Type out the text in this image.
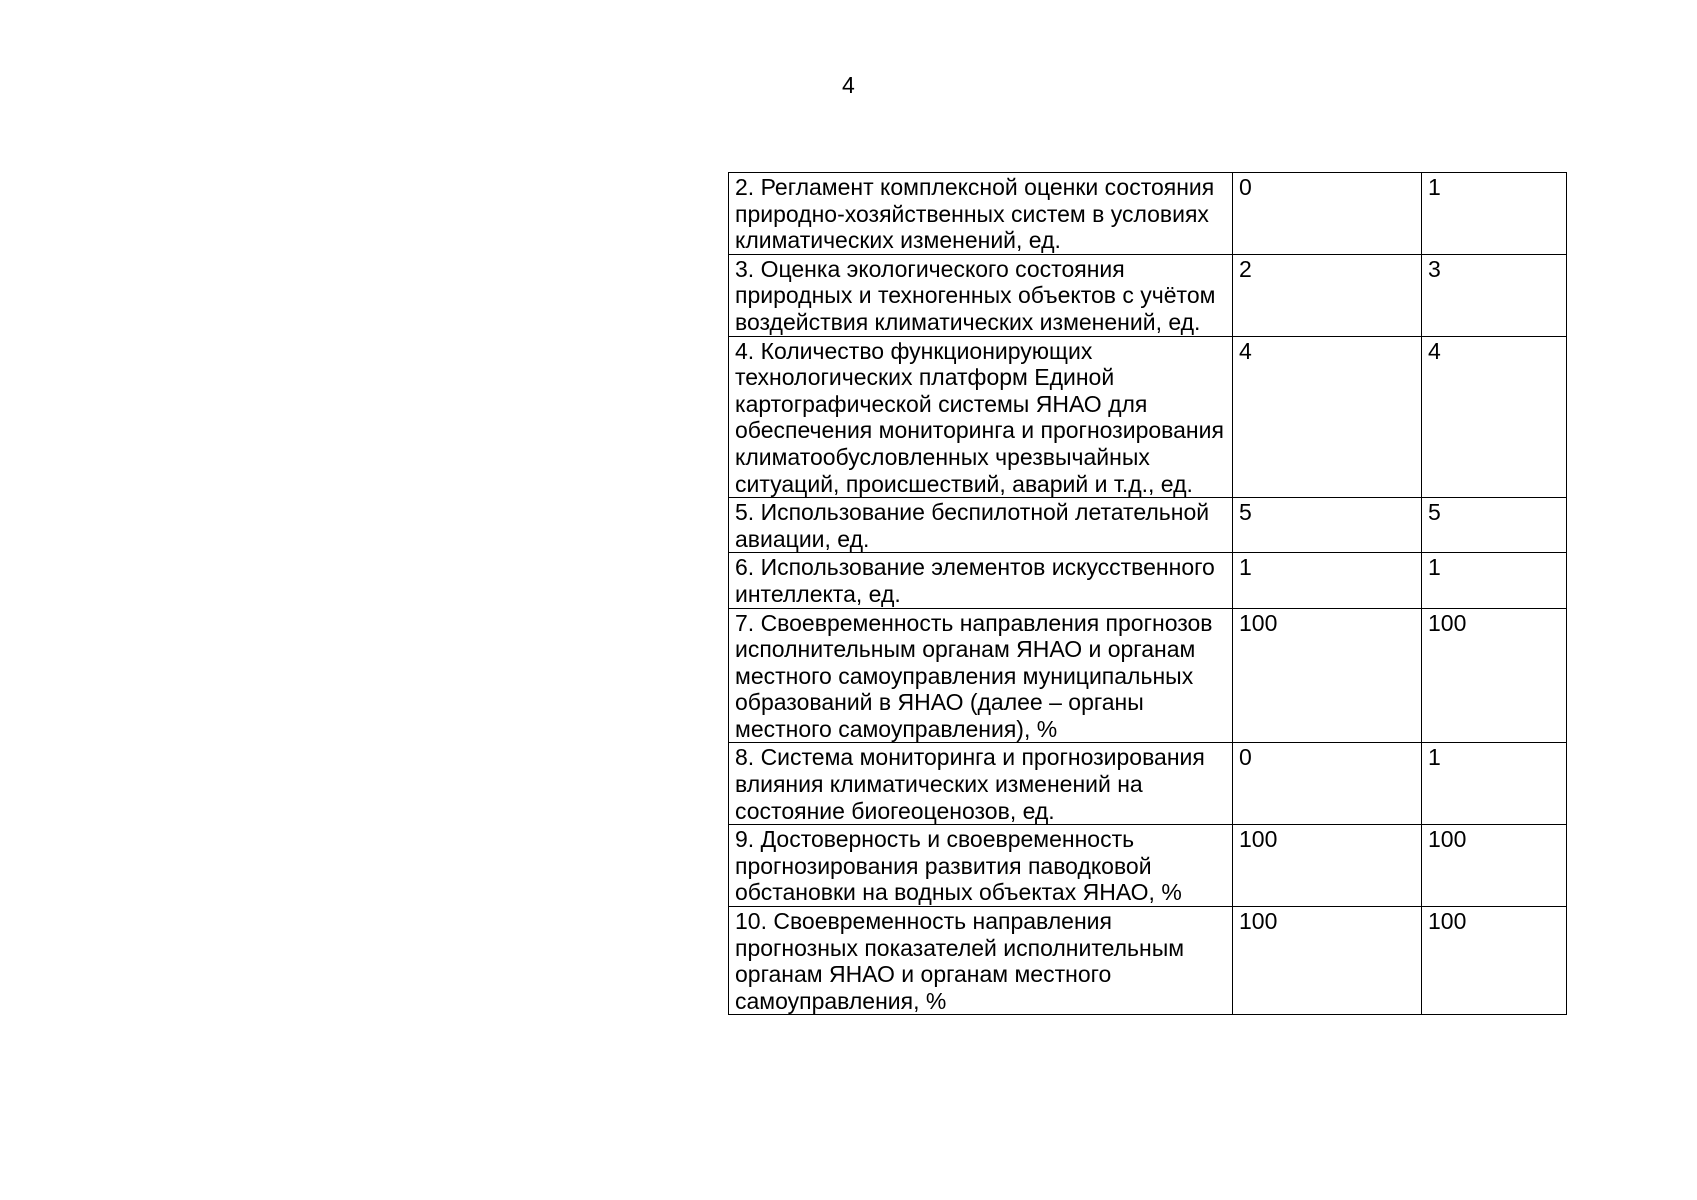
4
2. Регламент комплексной оценки состояния природно-хозяйственных систем в условиях климатических изменений, ед.	0	1
3. Оценка экологического состояния природных и техногенных объектов с учётом воздействия климатических изменений, ед.	2	3
4. Количество функционирующих технологических платформ Единой картографической системы ЯНАО для обеспечения мониторинга и прогнозирования климатообусловленных чрезвычайных ситуаций, происшествий, аварий и т.д., ед.	4	4
5. Использование беспилотной летательной авиации, ед.	5	5
6. Использование элементов искусственного интеллекта, ед.	1	1
7. Своевременность направления прогнозов исполнительным органам ЯНАО и органам местного самоуправления муниципальных образований в ЯНАО (далее – органы местного самоуправления), %	100	100
8. Система мониторинга и прогнозирования влияния климатических изменений на состояние биогеоценозов, ед.	0	1
9. Достоверность и своевременность прогнозирования развития паводковой обстановки на водных объектах ЯНАО, %	100	100
10. Своевременность направления прогнозных показателей исполнительным органам ЯНАО и органам местного самоуправления, %	100	100
